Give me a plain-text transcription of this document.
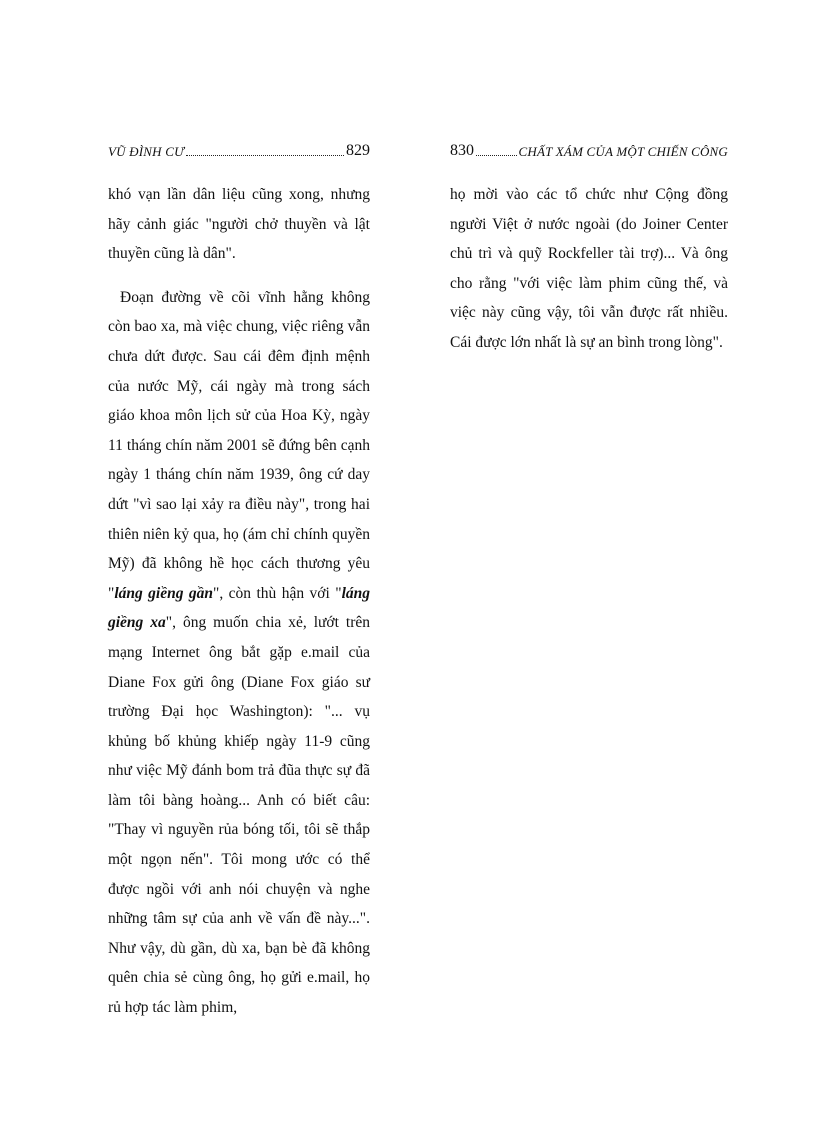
VŨ ĐÌNH CƯ	829

khó vạn lần dân liệu cũng xong, nhưng hãy cảnh giác "người chở thuyền và lật thuyền cũng là dân".

Đoạn đường về cõi vĩnh hằng không còn bao xa, mà việc chung, việc riêng vẫn chưa dứt được. Sau cái đêm định mệnh của nước Mỹ, cái ngày mà trong sách giáo khoa môn lịch sử của Hoa Kỳ, ngày 11 tháng chín năm 2001 sẽ đứng bên cạnh ngày 1 tháng chín năm 1939, ông cứ day dứt "vì sao lại xảy ra điều này", trong hai thiên niên kỷ qua, họ (ám chỉ chính quyền Mỹ) đã không hề học cách thương yêu "láng giềng gần", còn thù hận với "láng giềng xa", ông muốn chia xẻ, lướt trên mạng Internet ông bắt gặp e.mail của Diane Fox gửi ông (Diane Fox giáo sư trường Đại học Washington): "... vụ khủng bố khủng khiếp ngày 11-9 cũng như việc Mỹ đánh bom trả đũa thực sự đã làm tôi bàng hoàng... Anh có biết câu: "Thay vì nguyền rủa bóng tối, tôi sẽ thắp một ngọn nến". Tôi mong ước có thể được ngồi với anh nói chuyện và nghe những tâm sự của anh về vấn đề này...". Như vậy, dù gần, dù xa, bạn bè đã không quên chia sẻ cùng ông, họ gửi e.mail, họ rủ hợp tác làm phim,

830	CHẤT XÁM CỦA MỘT CHIẾN CÔNG

họ mời vào các tổ chức như Cộng đồng người Việt ở nước ngoài (do Joiner Center chủ trì và quỹ Rockfeller tài trợ)... Và ông cho rằng "với việc làm phim cũng thế, và việc này cũng vậy, tôi vẫn được rất nhiều. Cái được lớn nhất là sự an bình trong lòng".
